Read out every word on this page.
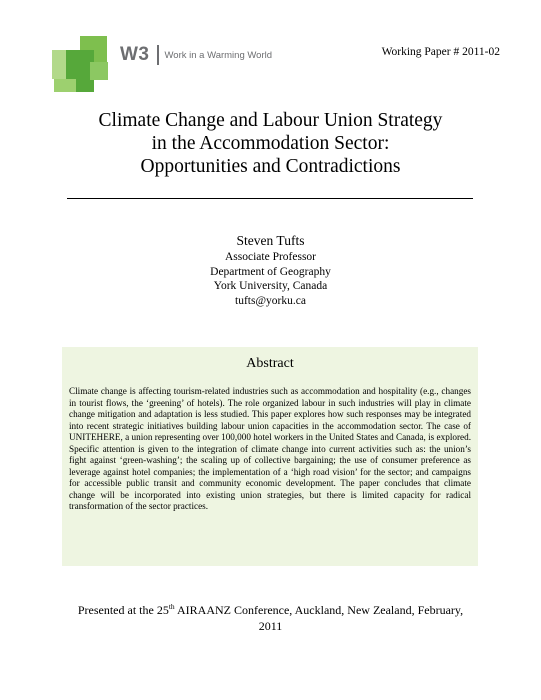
W3 Work in a Warming World	Working Paper # 2011-02
Climate Change and Labour Union Strategy
in the Accommodation Sector:
Opportunities and Contradictions
Steven Tufts
Associate Professor
Department of Geography
York University, Canada
tufts@yorku.ca
Abstract
Climate change is affecting tourism-related industries such as accommodation and hospitality (e.g., changes in tourist flows, the ‘greening’ of hotels). The role organized labour in such industries will play in climate change mitigation and adaptation is less studied. This paper explores how such responses may be integrated into recent strategic initiatives building labour union capacities in the accommodation sector. The case of UNITEHERE, a union representing over 100,000 hotel workers in the United States and Canada, is explored. Specific attention is given to the integration of climate change into current activities such as: the union’s fight against ‘green-washing’; the scaling up of collective bargaining; the use of consumer preference as leverage against hotel companies; the implementation of a ‘high road vision’ for the sector; and campaigns for accessible public transit and community economic development. The paper concludes that climate change will be incorporated into existing union strategies, but there is limited capacity for radical transformation of the sector practices.
Presented at the 25th AIRAANZ Conference, Auckland, New Zealand, February,
2011
